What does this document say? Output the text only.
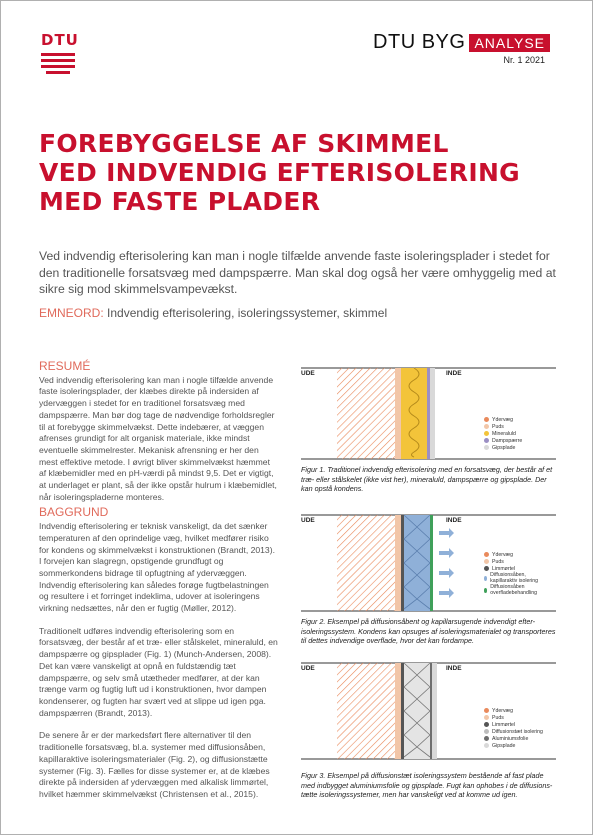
DTU	DTU BYG ANALYSE
Nr. 1 2021
FOREBYGGELSE AF SKIMMEL
VED INDVENDIG EFTERISOLERING
MED FASTE PLADER
Ved indvendig efterisolering kan man i nogle tilfælde anvende faste isoleringsplader i stedet for den traditionelle forsatsvæg med dampspærre. Man skal dog også her være omhyggelig med at sikre sig mod skimmelsvampevækst.
EMNEORD: Indvendig efterisolering, isoleringssystemer, skimmel
RESUMÉ

Ved indvendig efterisolering kan man i nogle tilfælde anvende faste isoleringsplader, der klæbes direkte på indersiden af ydervæggen i stedet for en traditionel forsatsvæg med dampspærre. Man bør dog tage de nødvendige forholdsregler til at forebygge skimmelvækst. Dette indebærer, at væggen afrenses grundigt for alt organisk materiale, ikke mindst eventuelle skimmelrester. Mekanisk afrensning er her den mest effektive metode. I øvrigt bliver skimmelvækst hæmmet af klæbemidler med en pH-værdi på mindst 9,5. Det er vigtigt, at underlaget er plant, så der ikke opstår hulrum i klæbemidlet, når isoleringspladerne monteres.

BAGGRUND

Indvendig efterisolering er teknisk vanskeligt, da det sænker temperaturen af den oprindelige væg, hvilket medfører risiko for kondens og skimmelvækst i konstruktionen (Brandt, 2013). I forvejen kan slagregn, opstigende grundfugt og sommerkondens bidrage til opfugtning af ydervæggen. Indvendig efterisolering kan således forøge fugtbelastningen og resultere i et forringet indeklima, udover at isoleringens virkning nedsættes, når den er fugtig (Møller, 2012).

Traditionelt udføres indvendig efterisolering som en forsatsvæg, der består af et træ- eller stålskelet, mineraluld, en dampspærre og gipsplader (Fig. 1) (Munch-Andersen, 2008). Det kan være vanskeligt at opnå en fuldstændig tæt dampspærre, og selv små utætheder medfører, at der kan trænge varm og fugtig luft ud i konstruktionen, hvor dampen kondenserer, og fugten har svært ved at slippe ud igen pga. dampspærren (Brandt, 2013).

De senere år er der markedsført flere alternativer til den traditionelle forsatsvæg, bl.a. systemer med diffusionsåben, kapillaraktive isoleringsmaterialer (Fig. 2), og diffusionstætte systemer (Fig. 3). Fælles for disse systemer er, at de klæbes direkte på indersiden af ydervæggen med alkalisk limmørtel, hvilket hæmmer skimmelvækst (Christensen et al., 2015).

UDE	INDE
Ydervæg
Puds
Mineraluld
Dampspærre
Gipsplade
Figur 1. Traditionel indvendig efterisolering med en forsatsvæg, der består af et træ- eller stålskelet (ikke vist her), mineraluld, dampspærre og gipsplade. Der kan opstå kondens.
UDE	INDE
Ydervæg
Puds
Limmørtel
Diffusionsåben, kapillaraktiv isolering
Diffusionsåben overfladebehandling
Figur 2. Eksempel på diffusionsåbent og kapillarsugende indvendigt efter-isoleringssystem. Kondens kan opsuges af isoleringsmaterialet og transporteres til dettes indvendige overflade, hvor det kan fordampe.
UDE	INDE
Ydervæg
Puds
Limmørtel
Diffusionstæt isolering
Aluminiumsfolie
Gipsplade
Figur 3. Eksempel på diffusionstæt isoleringssystem bestående af fast plade med indbygget aluminiumsfolie og gipsplade. Fugt kan ophobes i de diffusions-tætte isoleringssystemer, men har vanskeligt ved at komme ud igen.
